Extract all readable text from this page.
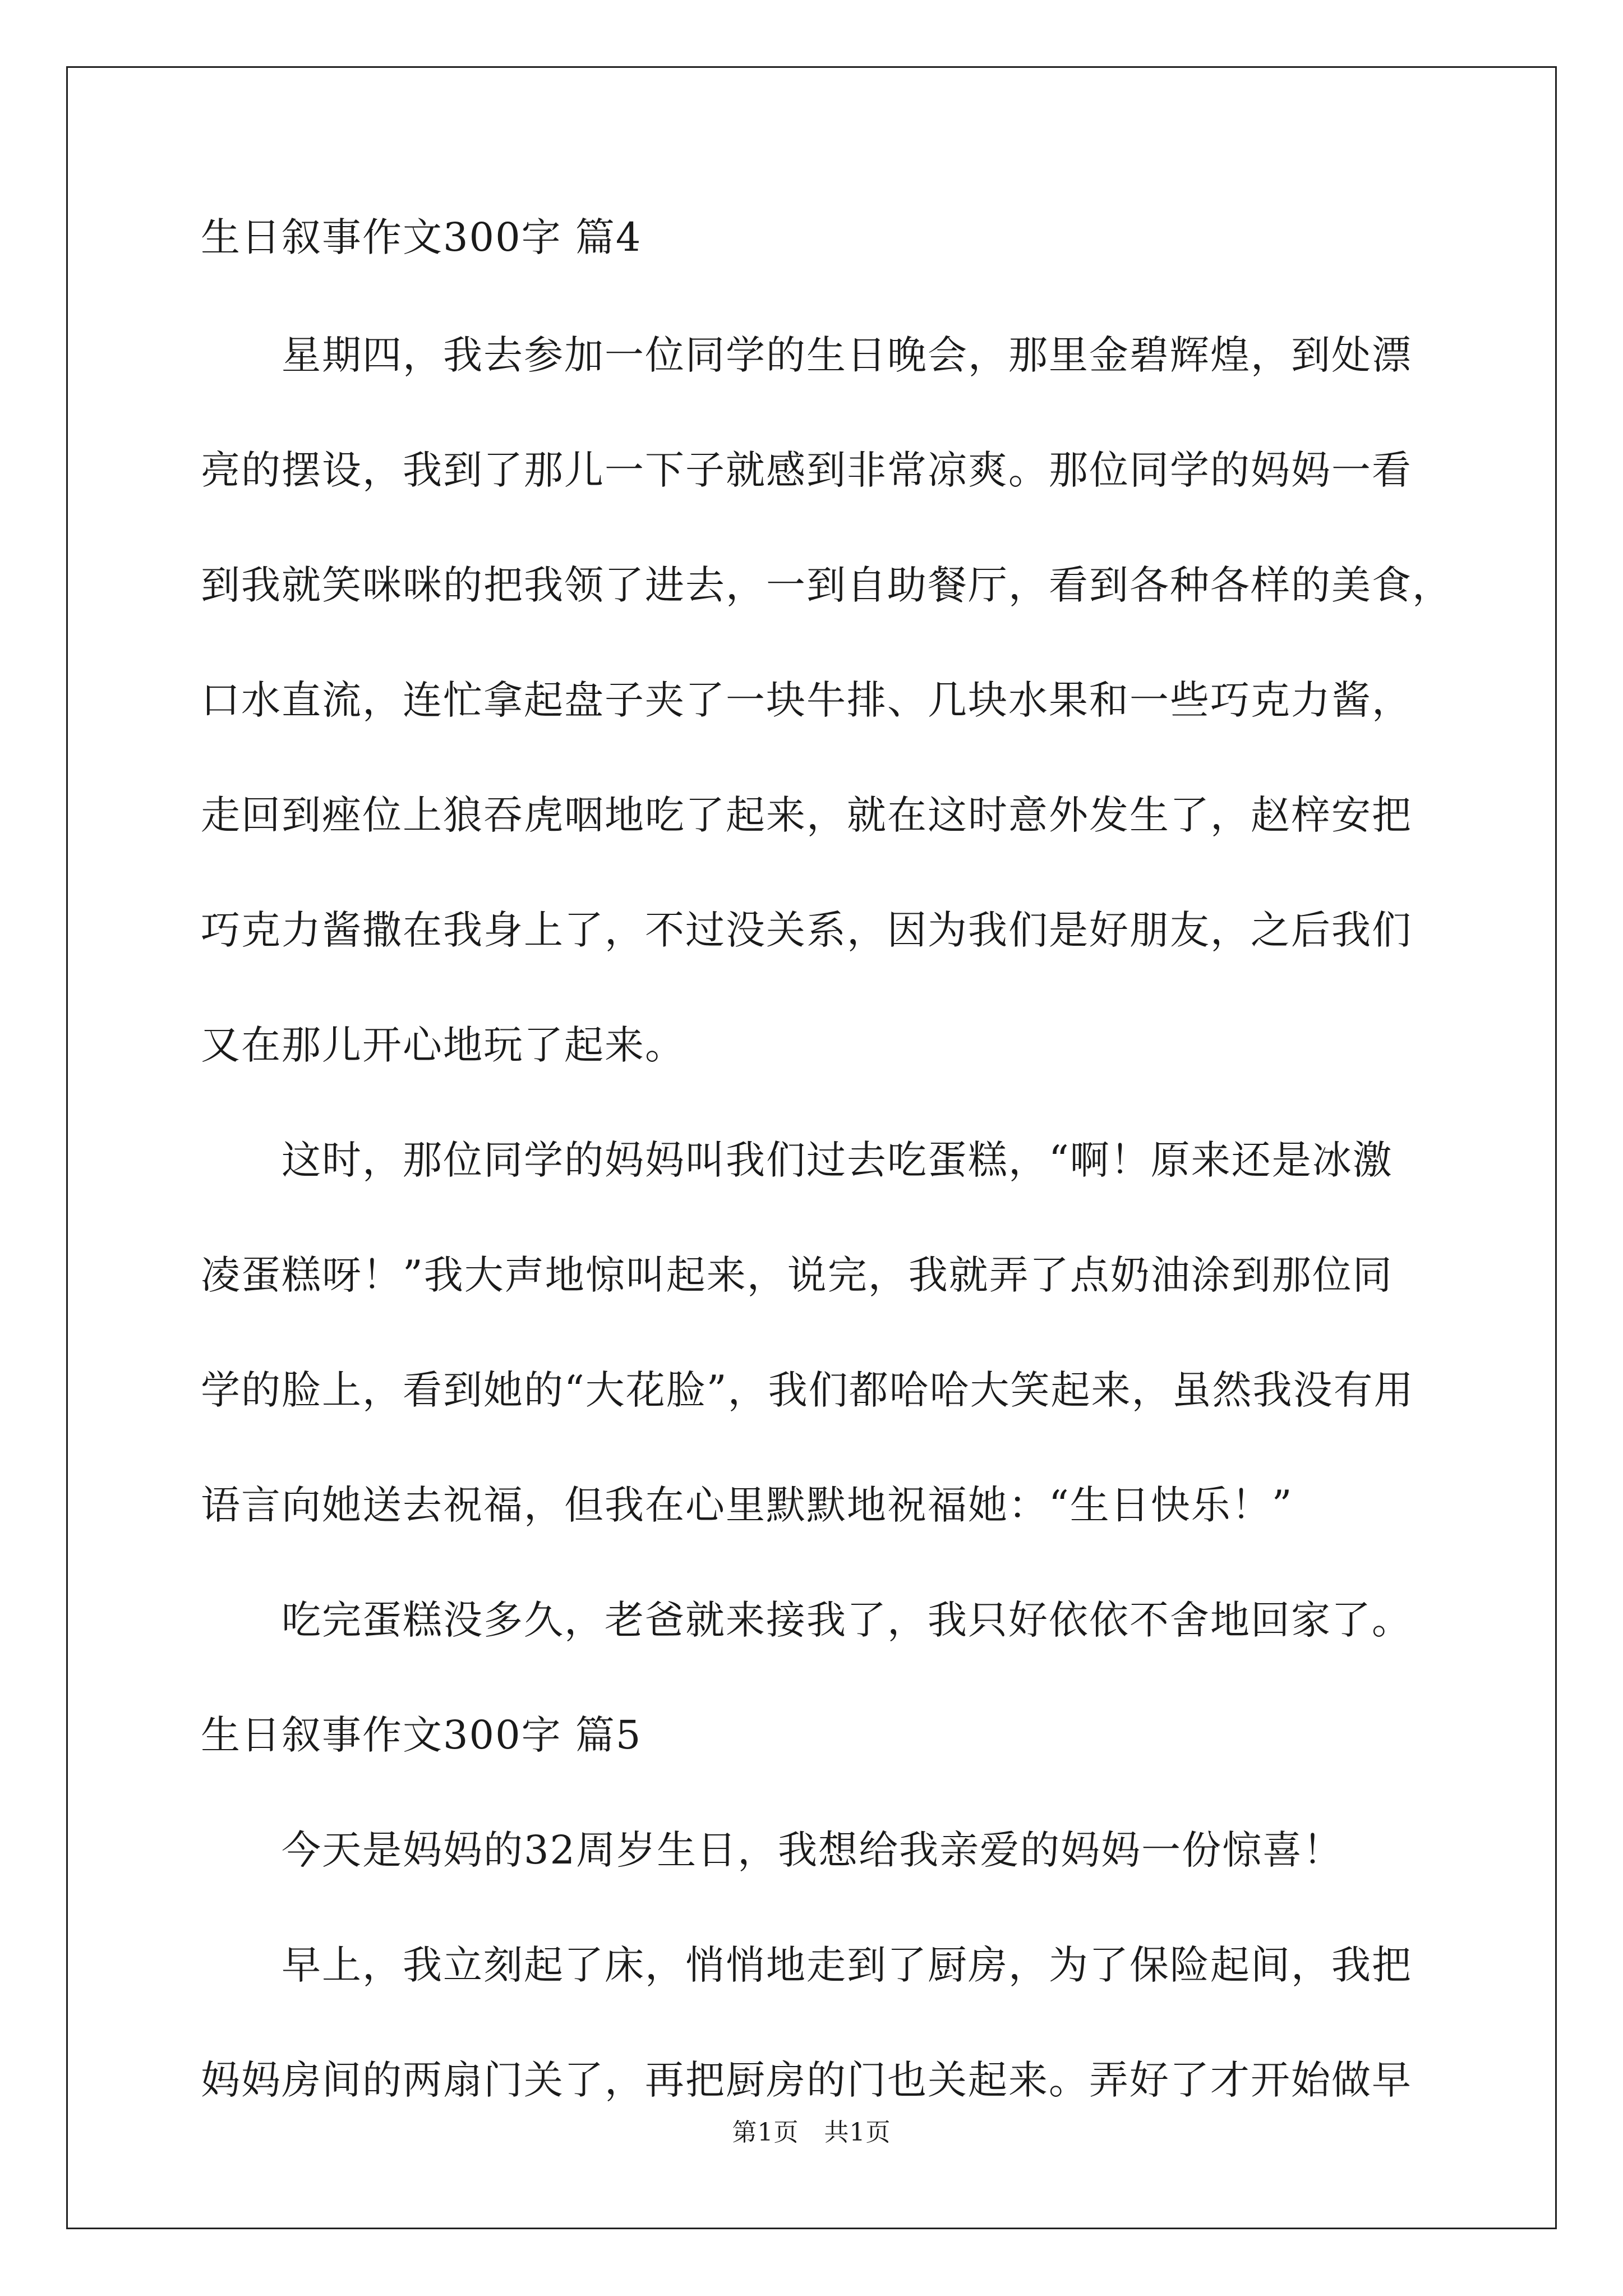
生日叙事作文300字 篇4

　　星期四，我去参加一位同学的生日晚会，那里金碧辉煌，到处漂

亮的摆设，我到了那儿一下子就感到非常凉爽。那位同学的妈妈一看

到我就笑咪咪的把我领了进去，一到自助餐厅，看到各种各样的美食，

口水直流，连忙拿起盘子夹了一块牛排、几块水果和一些巧克力酱，

走回到痤位上狼吞虎咽地吃了起来，就在这时意外发生了，赵梓安把

巧克力酱撒在我身上了，不过没关系，因为我们是好朋友，之后我们

又在那儿开心地玩了起来。

　　这时，那位同学的妈妈叫我们过去吃蛋糕，“啊！原来还是冰激

凌蛋糕呀！”我大声地惊叫起来，说完，我就弄了点奶油涂到那位同

学的脸上，看到她的“大花脸”，我们都哈哈大笑起来，虽然我没有用

语言向她送去祝福，但我在心里默默地祝福她：“生日快乐！”

　　吃完蛋糕没多久，老爸就来接我了，我只好依依不舍地回家了。

生日叙事作文300字 篇5

　　今天是妈妈的32周岁生日，我想给我亲爱的妈妈一份惊喜！

　　早上，我立刻起了床，悄悄地走到了厨房，为了保险起间，我把

妈妈房间的两扇门关了，再把厨房的门也关起来。弄好了才开始做早

第1页　共1页
